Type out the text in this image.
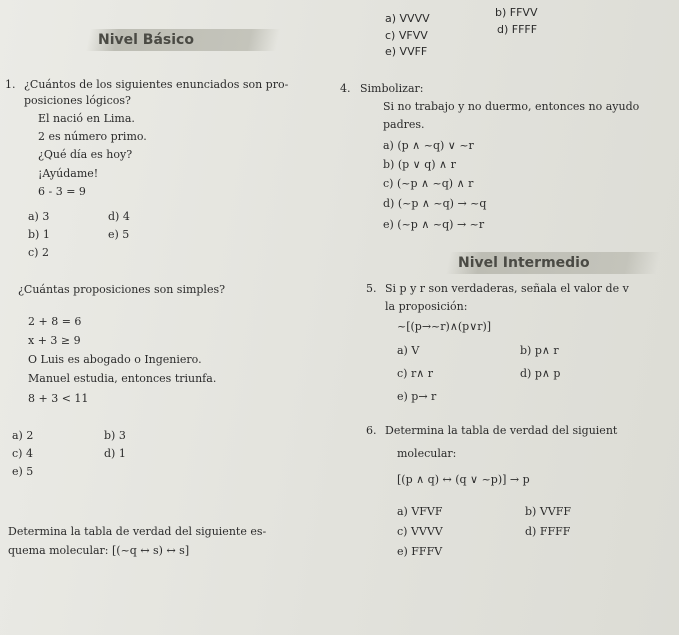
a) VVVV	b) FFVV
c) VFVV	d) FFFF
e) VVFF
Nivel Básico
1. ¿Cuántos de los siguientes enunciados son pro-
posiciones lógicos?
El nació en Lima.
2 es número primo.
¿Qué día es hoy?
¡Ayúdame!
6 - 3 = 9
a) 3	d) 4
b) 1	e) 5
c) 2
¿Cuántas proposiciones son simples?
2 + 8 = 6
x + 3 ≥ 9
O Luis es abogado o Ingeniero.
Manuel estudia, entonces triunfa.
8 + 3 < 11
a) 2	b) 3
c) 4	d) 1
e) 5
Determina la tabla de verdad del siguiente es-
quema molecular: [(~q ↔ s) ↔ s]
4. Simbolizar:
Si no trabajo y no duermo, entonces no ayudo
padres.
a) (p ∧ ~q) ∨ ~r
b) (p ∨ q) ∧ r
c) (~p ∧ ~q) ∧ r
d) (~p ∧ ~q) → ~q
e) (~p ∧ ~q) → ~r
Nivel Intermedio
5. Si p y r son verdaderas, señala el valor de v
la proposición:
~[(p→~r)∧(p∨r)]
a) V	b) p∧ r
c) r∧ r	d) p∧ p
e) p→ r
6. Determina la tabla de verdad del siguient
molecular:
[(p ∧ q) ↔ (q ∨ ~p)] → p
a) VFVF	b) VVFF
c) VVVV	d) FFFF
e) FFFV
